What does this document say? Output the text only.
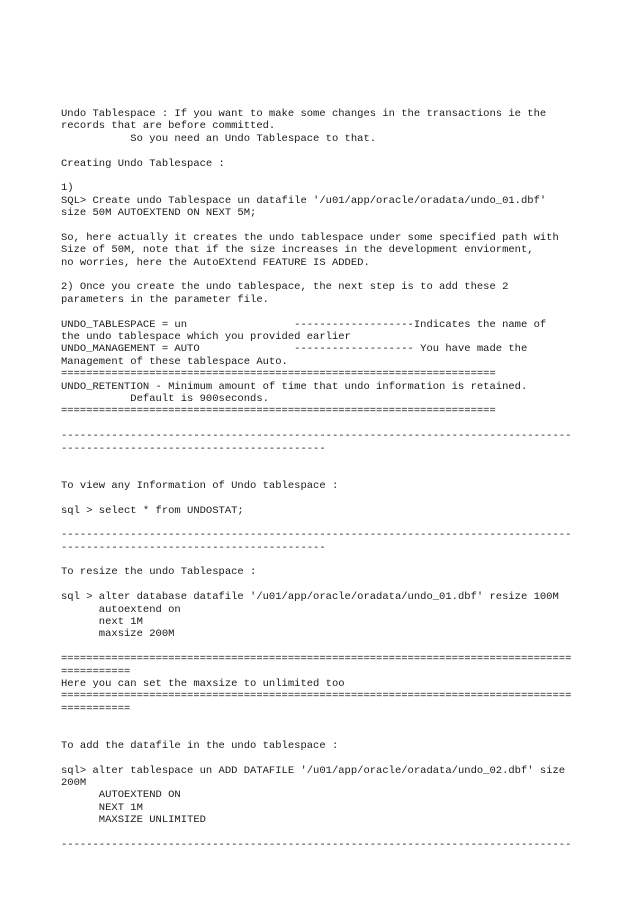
Undo Tablespace : If you want to make some changes in the transactions ie the
records that are before committed.
So you need an Undo Tablespace to that.
Creating Undo Tablespace :
1)
SQL> Create undo Tablespace un datafile '/u01/app/oracle/oradata/undo_01.dbf'
size 50M AUTOEXTEND ON NEXT 5M;
So, here actually it creates the undo tablespace under some specified path with
Size of 50M, note that if the size increases in the development enviorment,
no worries, here the AutoEXtend FEATURE IS ADDED.
2) Once you create the undo tablespace, the next step is to add these 2
parameters in the parameter file.
UNDO_TABLESPACE = un                 -------------------Indicates the name of
the undo tablespace which you provided earlier
UNDO_MANAGEMENT = AUTO               ------------------- You have made the
Management of these tablespace Auto.
=====================================================================
UNDO_RETENTION - Minimum amount of time that undo information is retained.
Default is 900seconds.
=====================================================================
---------------------------------------------------------------------------------
------------------------------------------
To view any Information of Undo tablespace :
sql > select * from UNDOSTAT;
---------------------------------------------------------------------------------
------------------------------------------
To resize the undo Tablespace :
sql > alter database datafile '/u01/app/oracle/oradata/undo_01.dbf' resize 100M
autoextend on
next 1M
maxsize 200M
=================================================================================
===========
Here you can set the maxsize to unlimited too
=================================================================================
===========
To add the datafile in the undo tablespace :
sql> alter tablespace un ADD DATAFILE '/u01/app/oracle/oradata/undo_02.dbf' size
200M
AUTOEXTEND ON
NEXT 1M
MAXSIZE UNLIMITED
---------------------------------------------------------------------------------
